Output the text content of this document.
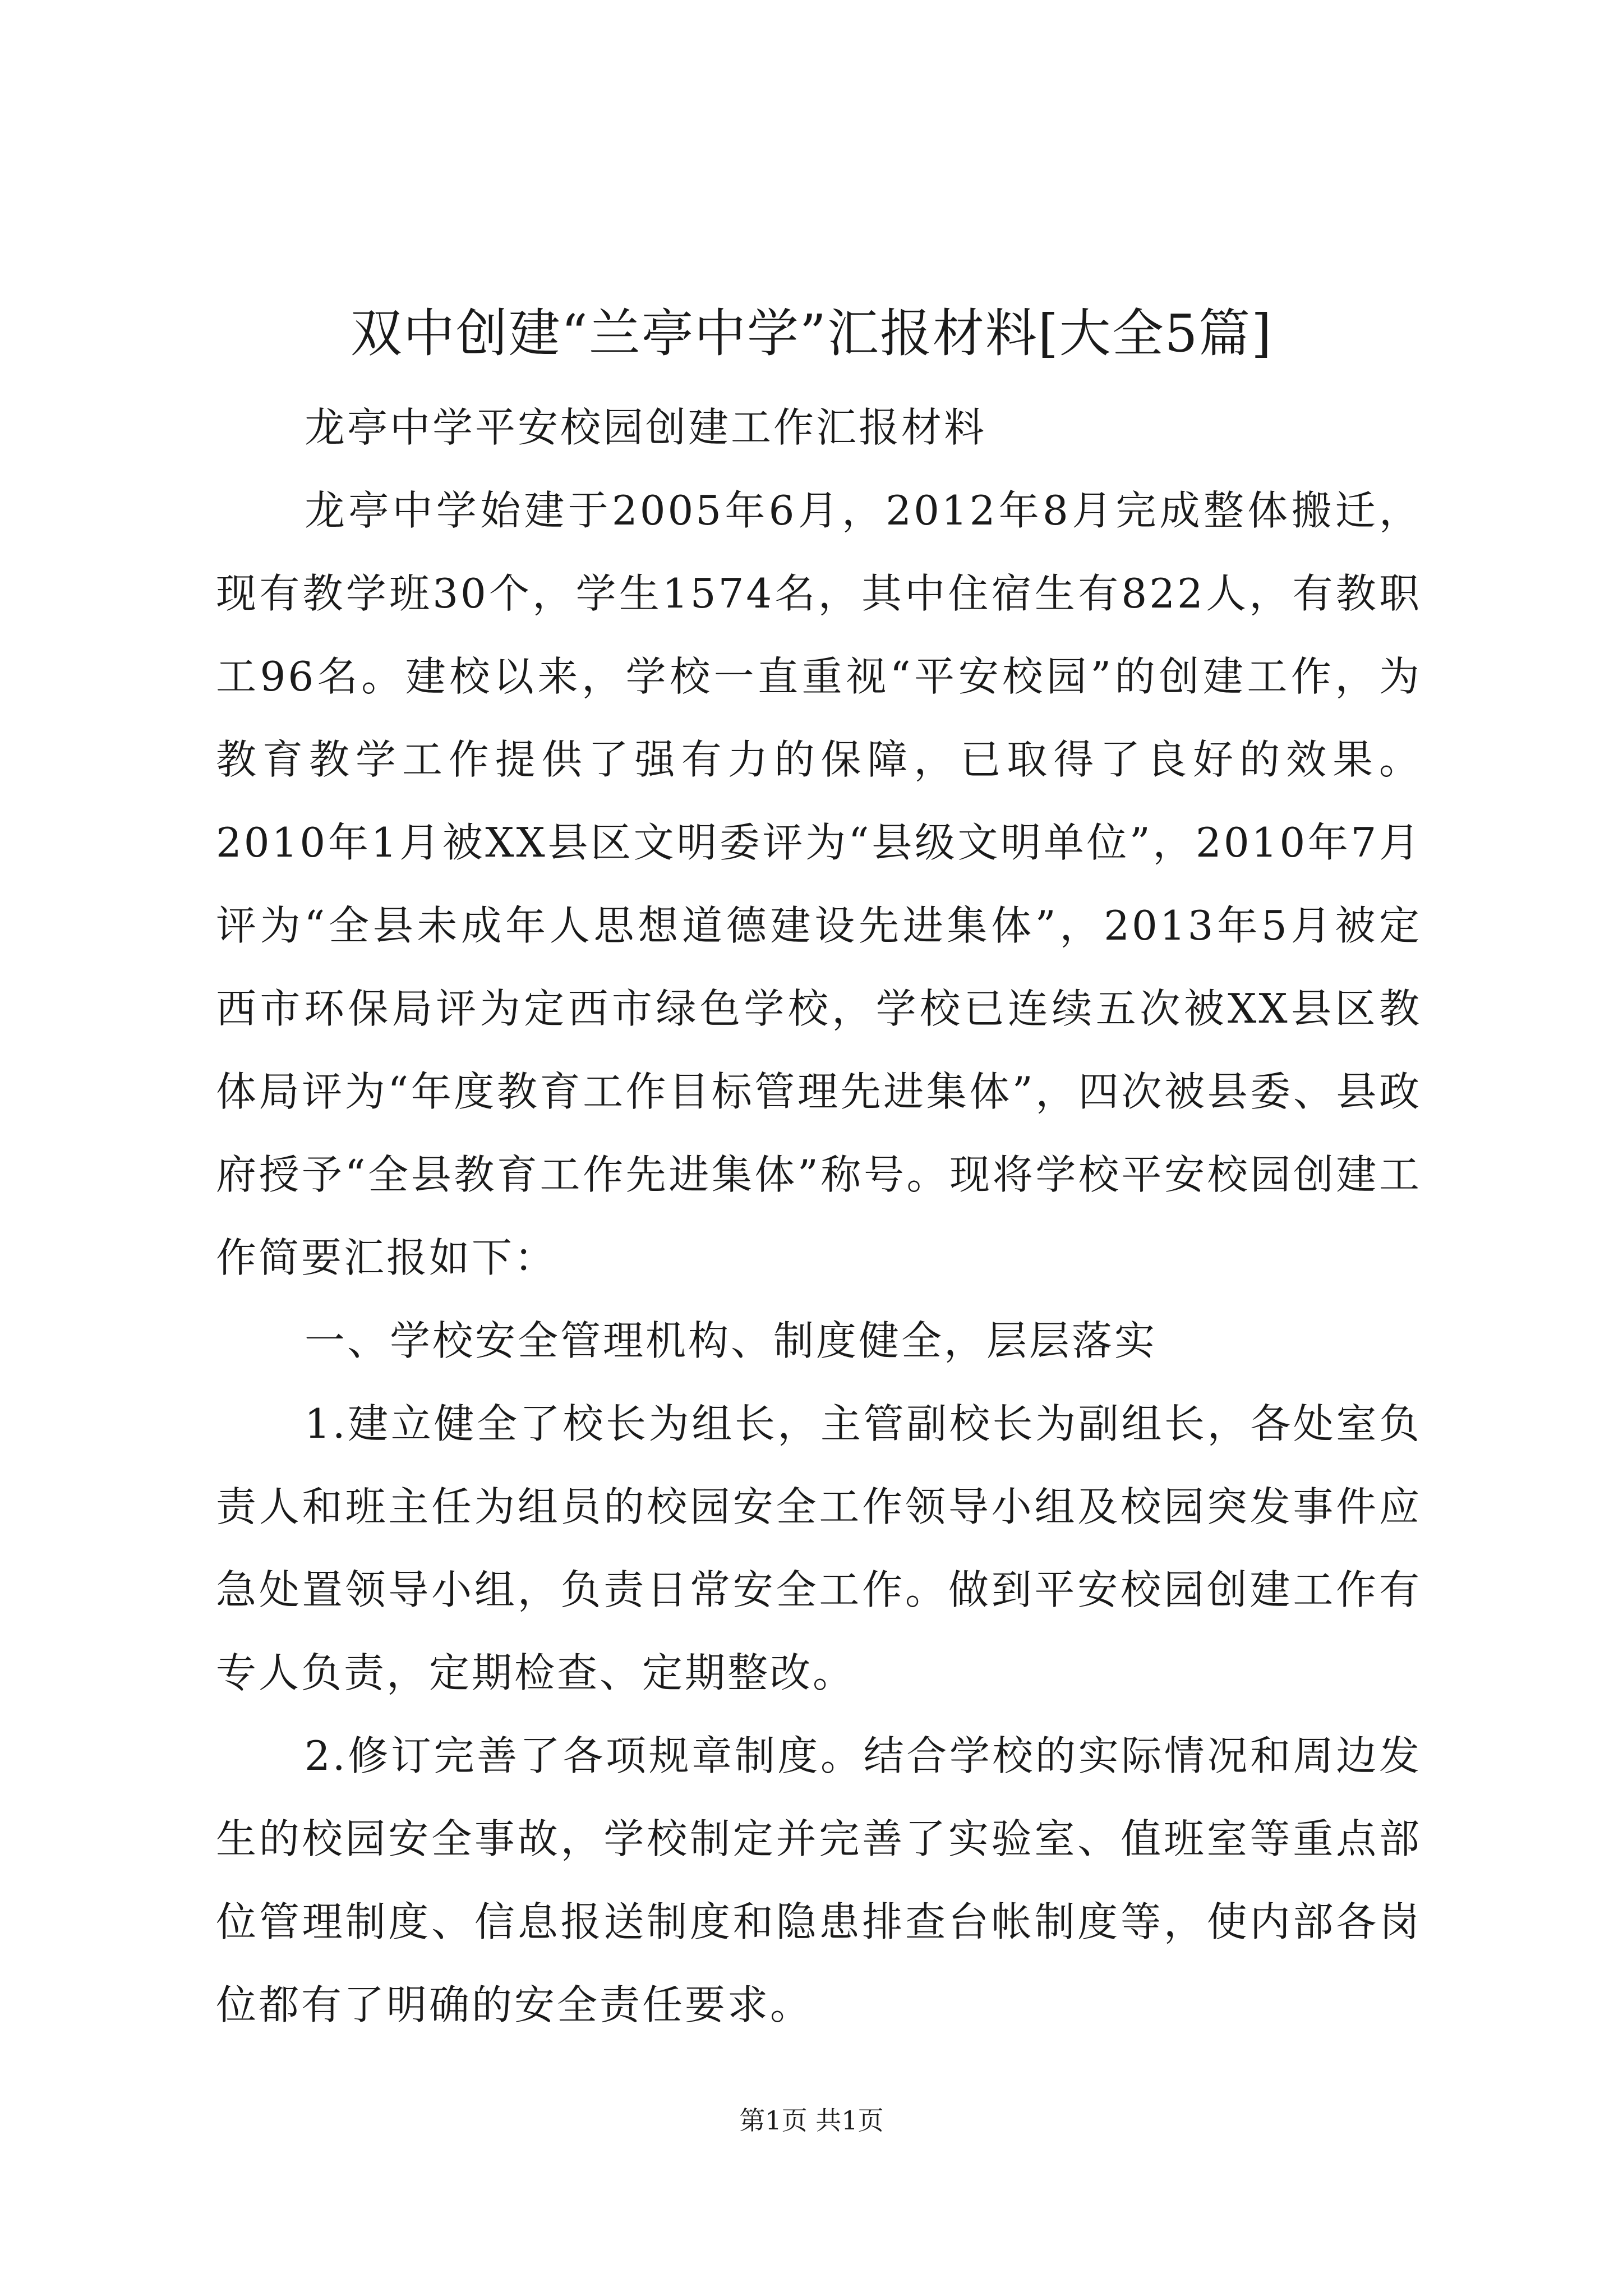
双中创建“兰亭中学”汇报材料[大全5篇]

龙亭中学平安校园创建工作汇报材料

龙亭中学始建于2005年6月，2012年8月完成整体搬迁，现有教学班30个，学生1574名，其中住宿生有822人，有教职工96名。建校以来，学校一直重视“平安校园”的创建工作，为教育教学工作提供了强有力的保障，已取得了良好的效果。2010年1月被XX县区文明委评为“县级文明单位”，2010年7月评为“全县未成年人思想道德建设先进集体”，2013年5月被定西市环保局评为定西市绿色学校，学校已连续五次被XX县区教体局评为“年度教育工作目标管理先进集体”，四次被县委、县政府授予“全县教育工作先进集体”称号。现将学校平安校园创建工作简要汇报如下：

一、学校安全管理机构、制度健全，层层落实

1.建立健全了校长为组长，主管副校长为副组长，各处室负责人和班主任为组员的校园安全工作领导小组及校园突发事件应急处置领导小组，负责日常安全工作。做到平安校园创建工作有专人负责，定期检查、定期整改。

2.修订完善了各项规章制度。结合学校的实际情况和周边发生的校园安全事故，学校制定并完善了实验室、值班室等重点部位管理制度、信息报送制度和隐患排查台帐制度等，使内部各岗位都有了明确的安全责任要求。

第1页 共1页
